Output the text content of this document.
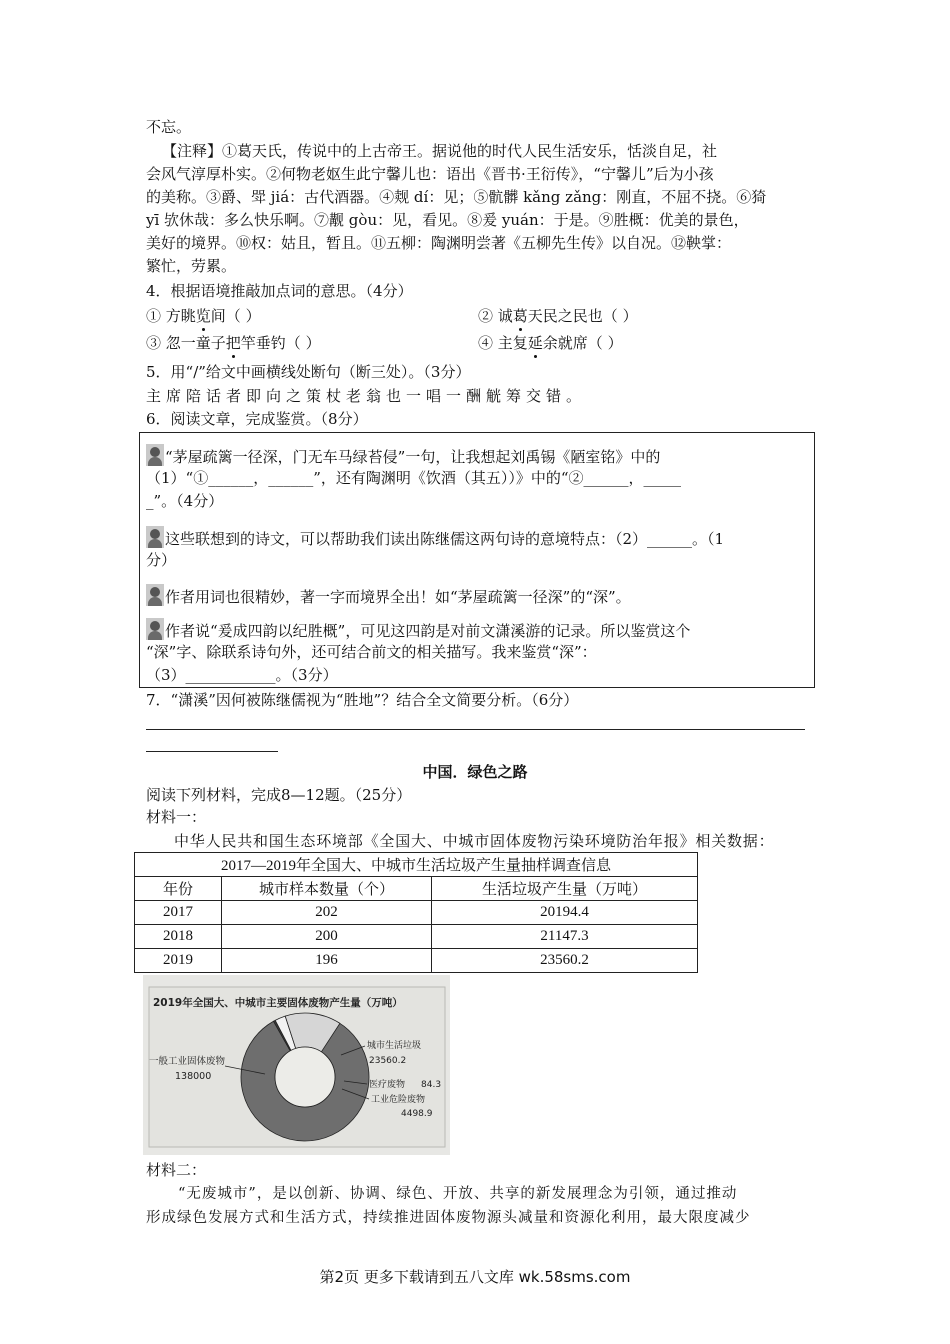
不忘。
【注释】①葛天氏，传说中的上古帝王。据说他的时代人民生活安乐，恬淡自足，社
会风气淳厚朴实。②何物老妪生此宁馨儿也：语出《晋书·王衍传》，“宁馨儿”后为小孩
的美称。③爵、斝 jiá：古代酒器。④觌 dí：见；⑤骯髒 kǎng zǎng：刚直，不屈不挠。⑥猗
yī 欤休哉：多么快乐啊。⑦觏 gòu：见，看见。⑧爰 yuán：于是。⑨胜概：优美的景色，
美好的境界。⑩权：姑且，暂且。⑪五柳：陶渊明尝著《五柳先生传》以自况。⑫鞅掌：
繁忙，劳累。
4．根据语境推敲加点词的意思。（4分）
① 方眺览间（ ）	② 诚葛天民之民也（ ）
③ 忽一童子把竿垂钓（ ）	④ 主复延余就席（ ）
5．用“/”给文中画横线处断句（断三处）。（3分）
主席陪话者即向之策杖老翁也一唱一酬觥筹交错。
6．阅读文章，完成鉴赏。（8分）
“茅屋疏篱一径深，门无车马绿苔侵”一句，让我想起刘禹锡《陋室铭》中的
（1）“①______，______”，还有陶渊明《饮酒（其五））》中的“②______，_____
_”。（4分）
这些联想到的诗文，可以帮助我们读出陈继儒这两句诗的意境特点：（2）______。（1
分）
作者用词也很精妙，著一字而境界全出！如“茅屋疏篱一径深”的“深”。
作者说“爰成四韵以纪胜概”，可见这四韵是对前文潇溪游的记录。所以鉴赏这个
“深”字、除联系诗句外，还可结合前文的相关描写。我来鉴赏“深”：
（3）____________。（3分）
7．“潇溪”因何被陈继儒视为“胜地”？结合全文简要分析。（6分）
中国．绿色之路
阅读下列材料，完成8—12题。（25分）
材料一：
中华人民共和国生态环境部《全国大、中城市固体废物污染环境防治年报》相关数据：
2017—2019年全国大、中城市生活垃圾产生量抽样调查信息		
年份	城市样本数量（个）	生活垃圾产生量（万吨）
2017	202	20194.4
2018	200	21147.3
2019	196	23560.2
2019年全国大、中城市主要固体废物产生量（万吨）
一般工业固体废物
138000
城市生活垃圾
23560.2
医疗废物 84.3
工业危险废物
4498.9
材料二：
“无废城市”，是以创新、协调、绿色、开放、共享的新发展理念为引领，通过推动
形成绿色发展方式和生活方式，持续推进固体废物源头减量和资源化利用，最大限度减少
第2页 更多下载请到五八文库 wk.58sms.com
